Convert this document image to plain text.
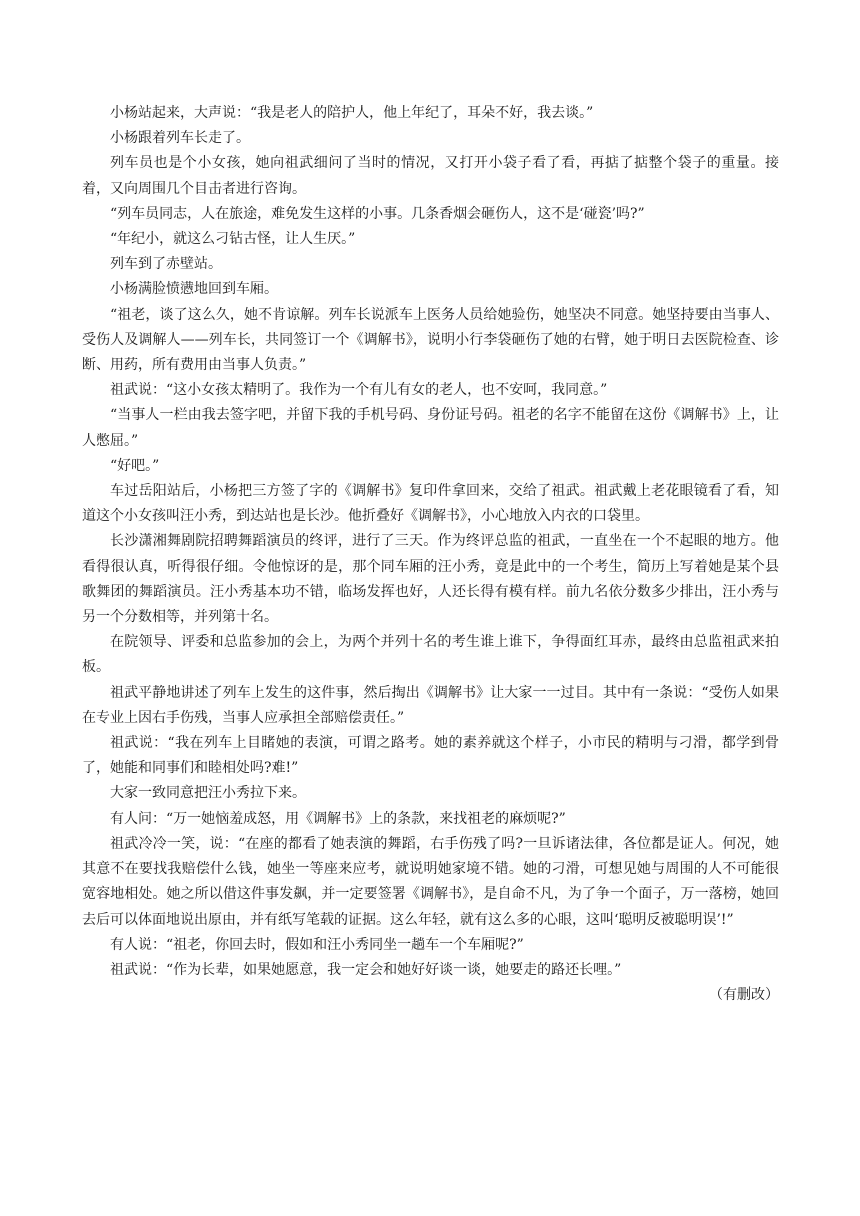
小杨站起来，大声说：“我是老人的陪护人，他上年纪了，耳朵不好，我去谈。”

小杨跟着列车长走了。

列车员也是个小女孩，她向祖武细问了当时的情况，又打开小袋子看了看，再掂了掂整个袋子的重量。接着，又向周围几个目击者进行咨询。

“列车员同志，人在旅途，难免发生这样的小事。几条香烟会砸伤人，这不是‘碰瓷’吗?”

“年纪小，就这么刁钻古怪，让人生厌。”

列车到了赤壁站。

小杨满脸愤懑地回到车厢。

“祖老，谈了这么久，她不肯谅解。列车长说派车上医务人员给她验伤，她坚决不同意。她坚持要由当事人、受伤人及调解人——列车长，共同签订一个《调解书》，说明小行李袋砸伤了她的右臂，她于明日去医院检查、诊断、用药，所有费用由当事人负责。”

祖武说：“这小女孩太精明了。我作为一个有儿有女的老人，也不安呵，我同意。”

“当事人一栏由我去签字吧，并留下我的手机号码、身份证号码。祖老的名字不能留在这份《调解书》上，让人憋屈。”

“好吧。”

车过岳阳站后，小杨把三方签了字的《调解书》复印件拿回来，交给了祖武。祖武戴上老花眼镜看了看，知道这个小女孩叫汪小秀，到达站也是长沙。他折叠好《调解书》，小心地放入内衣的口袋里。

长沙潇湘舞剧院招聘舞蹈演员的终评，进行了三天。作为终评总监的祖武，一直坐在一个不起眼的地方。他看得很认真，听得很仔细。令他惊讶的是，那个同车厢的汪小秀，竟是此中的一个考生，简历上写着她是某个县歌舞团的舞蹈演员。汪小秀基本功不错，临场发挥也好，人还长得有模有样。前九名依分数多少排出，汪小秀与另一个分数相等，并列第十名。

在院领导、评委和总监参加的会上，为两个并列十名的考生谁上谁下，争得面红耳赤，最终由总监祖武来拍板。

祖武平静地讲述了列车上发生的这件事，然后掏出《调解书》让大家一一过目。其中有一条说：“受伤人如果在专业上因右手伤残，当事人应承担全部赔偿责任。”

祖武说：“我在列车上目睹她的表演，可谓之路考。她的素养就这个样子，小市民的精明与刁滑，都学到骨了，她能和同事们和睦相处吗?难!”

大家一致同意把汪小秀拉下来。

有人问：“万一她恼羞成怒，用《调解书》上的条款，来找祖老的麻烦呢?”

祖武冷冷一笑，说：“在座的都看了她表演的舞蹈，右手伤残了吗?一旦诉诸法律，各位都是证人。何况，她其意不在要找我赔偿什么钱，她坐一等座来应考，就说明她家境不错。她的刁滑，可想见她与周围的人不可能很宽容地相处。她之所以借这件事发飙，并一定要签署《调解书》，是自命不凡，为了争一个面子，万一落榜，她回去后可以体面地说出原由，并有纸写笔载的证据。这么年轻，就有这么多的心眼，这叫‘聪明反被聪明误’!”

有人说：“祖老，你回去时，假如和汪小秀同坐一趟车一个车厢呢?”

祖武说：“作为长辈，如果她愿意，我一定会和她好好谈一谈，她要走的路还长哩。”

（有删改）
